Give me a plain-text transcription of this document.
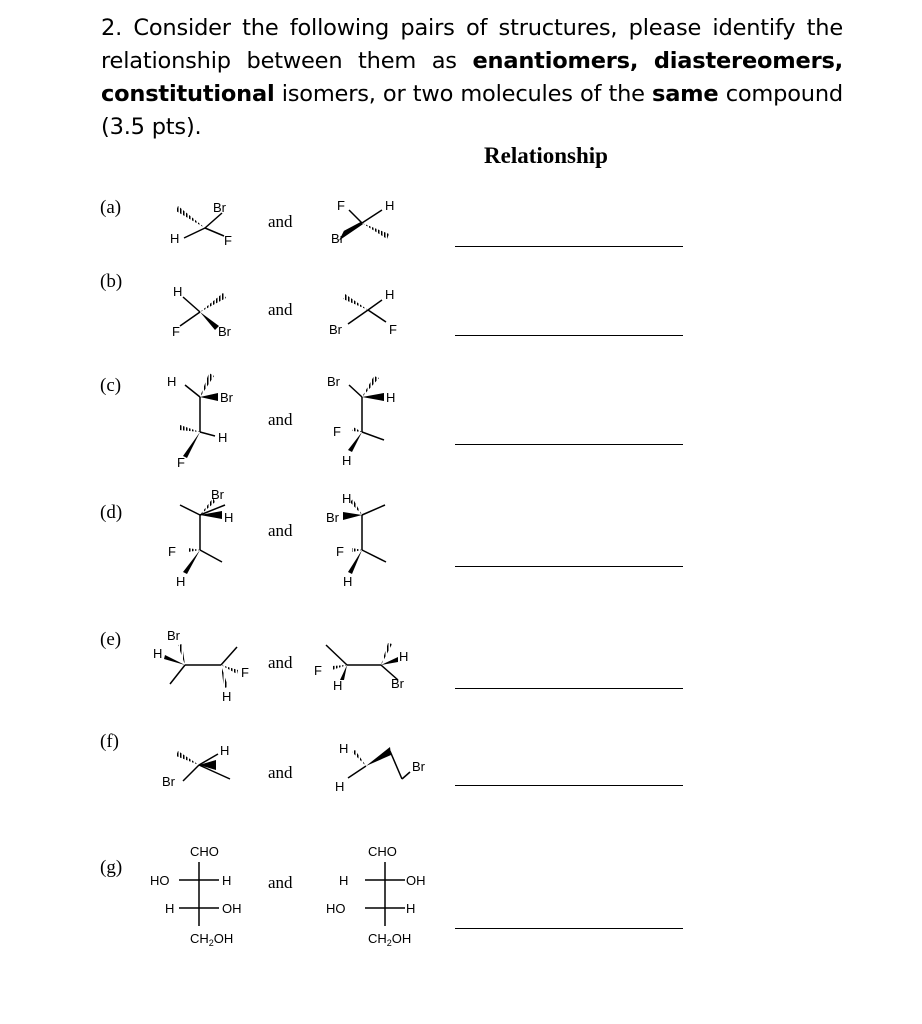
2. Consider the following pairs of structures, please identify the relationship between them as enantiomers, diastereomers, constitutional isomers, or two molecules of the same compound (3.5 pts).
Relationship
(a)
(b)
(c)
(d)
(e)
(f)
(g)
and
and
and
and
and
and
and
Br
F
H
F	H
Br
H
F	Br
H
F
Br
H
Br
H
F
Br
H
F
H
Br
H
F
H
H
Br
F
H
Br
H
F
H
F
H
H
Br
H
Br
H
H
Br
CHO
HO	H
H	OH
$CH_2OH$
CHO
H	OH
HO	H
$CH_2OH$
